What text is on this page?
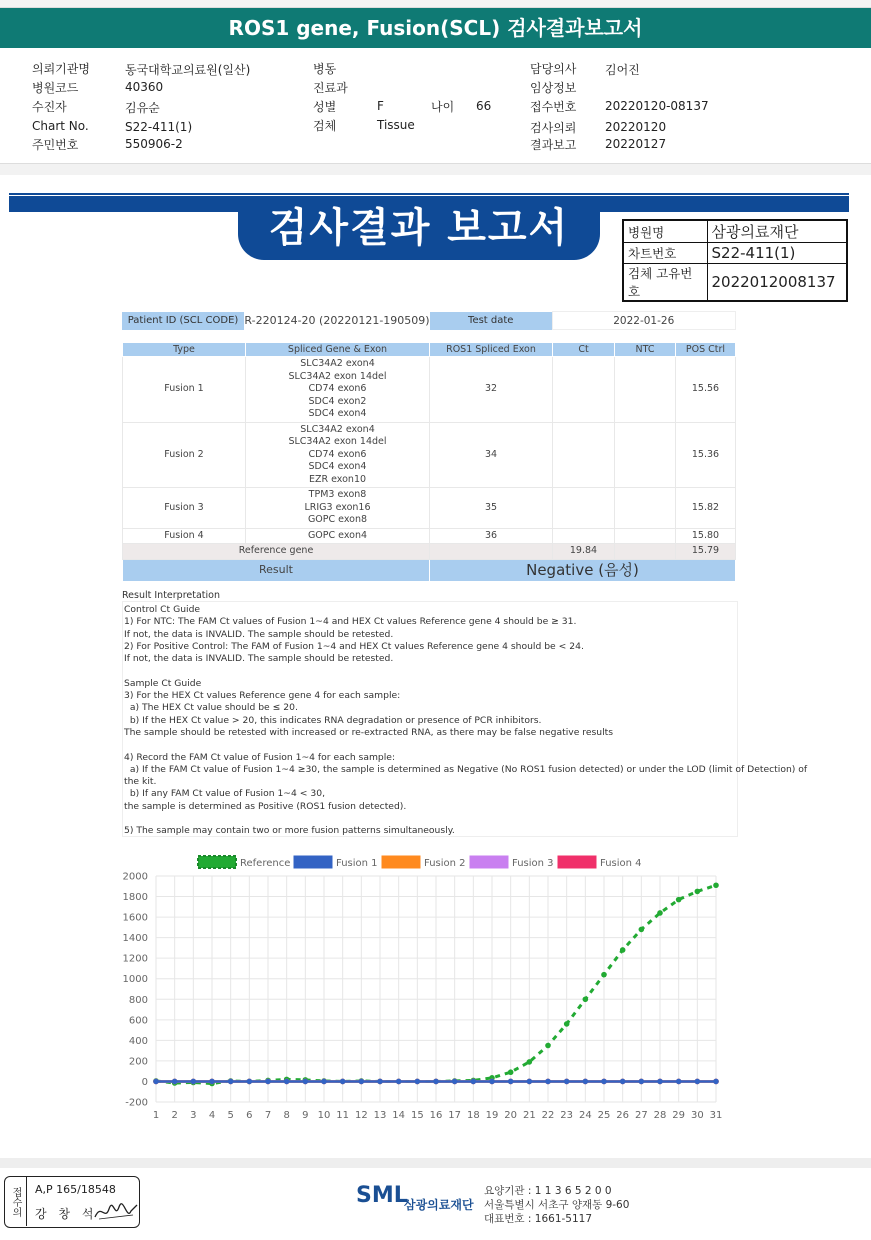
ROS1 gene, Fusion(SCL) 검사결과보고서
의뢰기관명	동국대학교의료원(일산)
병원코드	40360
수진자	김유순
Chart No.	S22-411(1)
주민번호	550906-2
병동
진료과
성별	F	나이 66
검체	Tissue
담당의사 김어진
임상정보
접수번호 20220120-08137
검사의뢰 20220120
결과보고 20220127
검사결과 보고서	병원명	삼광의료재단
차트번호	S22-411(1)
검체 고유번호	2022012008137
Patient ID (SCL CODE)	R-220124-20 (20220121-190509)	Test date	2022-01-26
Type	Spliced Gene & Exon	ROS1 Spliced Exon	Ct	NTC	POS Ctrl
Fusion 1	SLC34A2 exon4
SLC34A2 exon 14del
CD74 exon6
SDC4 exon2
SDC4 exon4	32			15.56
Fusion 2	SLC34A2 exon4
SLC34A2 exon 14del
CD74 exon6
SDC4 exon4
EZR exon10	34			15.36
Fusion 3	TPM3 exon8
LRIG3 exon16
GOPC exon8	35			15.82
Fusion 4	GOPC exon4	36			15.80
Reference gene			19.84		15.79
Result		Negative (음성)			
Result Interpretation
Control Ct Guide
1) For NTC: The FAM Ct values of Fusion 1~4 and HEX Ct values Reference gene 4 should be ≥ 31.
If not, the data is INVALID. The sample should be retested.
2) For Positive Control: The FAM of Fusion 1~4 and HEX Ct values Reference gene 4 should be < 24.
If not, the data is INVALID. The sample should be retested.
Sample Ct Guide
3) For the HEX Ct values Reference gene 4 for each sample:
a) The HEX Ct value should be ≤ 20.
b) If the HEX Ct value > 20, this indicates RNA degradation or presence of PCR inhibitors.
The sample should be retested with increased or re-extracted RNA, as there may be false negative results
4) Record the FAM Ct value of Fusion 1~4 for each sample:
a) If the FAM Ct value of Fusion 1~4 ≥30, the sample is determined as Negative (No ROS1 fusion detected) or under the LOD (limit of Detection) of
the kit.
b) If any FAM Ct value of Fusion 1~4 < 30,
the sample is determined as Positive (ROS1 fusion detected).
5) The sample may contain two or more fusion patterns simultaneously.
-200
0
200
400
600
800
1000
1200
1400
1600
1800
2000
1 2 3 4 5 6 7 8 9 10 11 12 13 14 15 16 17 18 19 20 21 22 23 24 25 26 27 28 29 30 31
Reference	Fusion 1	Fusion 2	Fusion 3	Fusion 4
접수의	A,P 165/18548
강 창 석
SML
삼광의료재단
요양기관 : 1 1 3 6 5 2 0 0
서울특별시 서초구 양재동 9-60
대표번호 : 1661-5117
